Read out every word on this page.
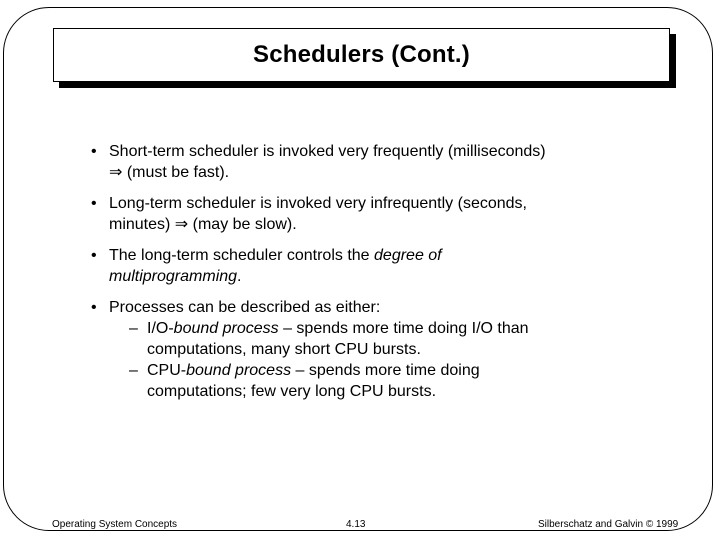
Schedulers (Cont.)
• Short-term scheduler is invoked very frequently (milliseconds)
⇒ (must be fast).
• Long-term scheduler is invoked very infrequently (seconds,
minutes) ⇒ (may be slow).
• The long-term scheduler controls the degree of
multiprogramming.
• Processes can be described as either:
– I/O-bound process – spends more time doing I/O than
computations, many short CPU bursts.
– CPU-bound process – spends more time doing
computations; few very long CPU bursts.
Operating System Concepts	4.13	Silberschatz and Galvin © 1999
